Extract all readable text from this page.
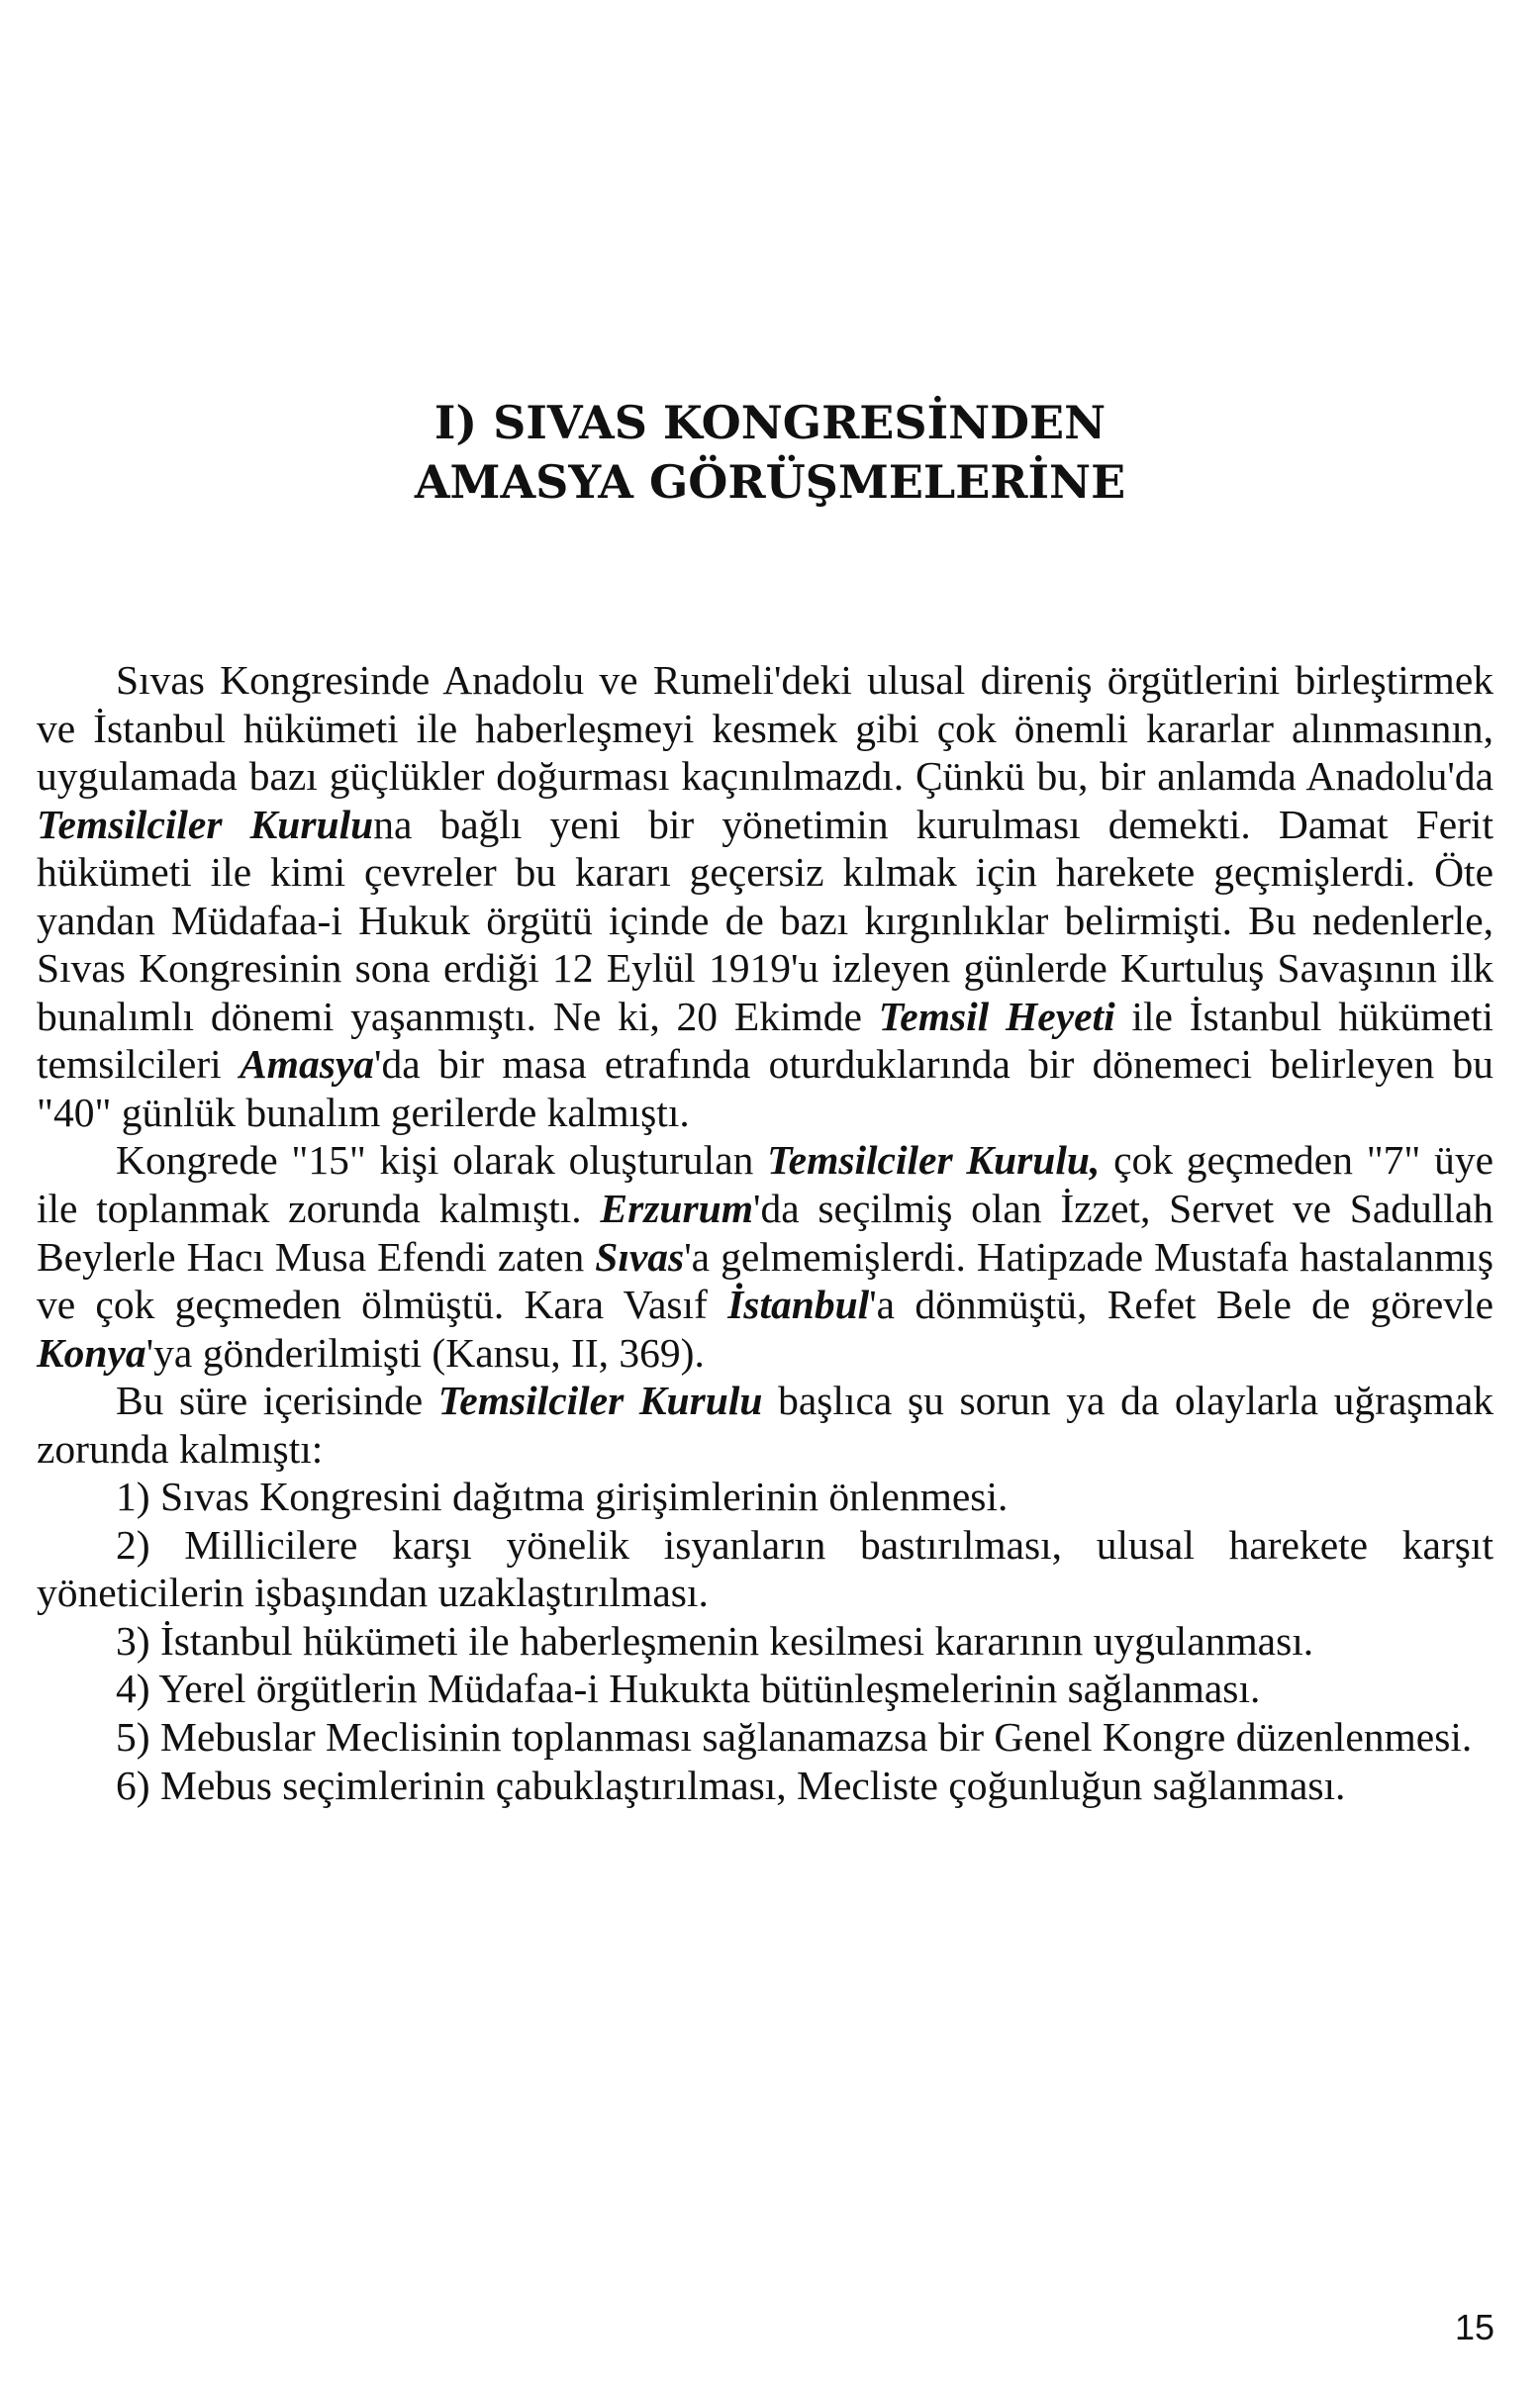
I) SIVAS KONGRESİNDEN
AMASYA GÖRÜŞMELERİNE

Sıvas Kongresinde Anadolu ve Rumeli'deki ulusal direniş örgütlerini birleştirmek ve İstanbul hükümeti ile haberleşmeyi kesmek gibi çok önemli kararlar alınmasının, uygulamada bazı güçlükler doğurması kaçınılmazdı. Çünkü bu, bir anlamda Anadolu'da Temsilciler Kuruluna bağlı yeni bir yönetimin kurulması demekti. Damat Ferit hükümeti ile kimi çevreler bu kararı geçersiz kılmak için harekete geçmişlerdi. Öte yandan Müdafaa-i Hukuk örgütü içinde de bazı kırgınlıklar belirmişti. Bu nedenlerle, Sıvas Kongresinin sona erdiği 12 Eylül 1919'u izleyen günlerde Kurtuluş Savaşının ilk bunalımlı dönemi yaşanmıştı. Ne ki, 20 Ekimde Temsil Heyeti ile İstanbul hükümeti temsilcileri Amasya'da bir masa etrafında oturduklarında bir dönemeci belirleyen bu "40" günlük bunalım gerilerde kalmıştı.

Kongrede "15" kişi olarak oluşturulan Temsilciler Kurulu, çok geçmeden "7" üye ile toplanmak zorunda kalmıştı. Erzurum'da seçilmiş olan İzzet, Servet ve Sadullah Beylerle Hacı Musa Efendi zaten Sıvas'a gelmemişlerdi. Hatipzade Mustafa hastalanmış ve çok geçmeden ölmüştü. Kara Vasıf İstanbul'a dönmüştü, Refet Bele de görevle Konya'ya gönderilmişti (Kansu, II, 369).

Bu süre içerisinde Temsilciler Kurulu başlıca şu sorun ya da olaylarla uğraşmak zorunda kalmıştı:

1) Sıvas Kongresini dağıtma girişimlerinin önlenmesi.

2) Millicilere karşı yönelik isyanların bastırılması, ulusal harekete karşıt yöneticilerin işbaşından uzaklaştırılması.

3) İstanbul hükümeti ile haberleşmenin kesilmesi kararının uygulanması.

4) Yerel örgütlerin Müdafaa-i Hukukta bütünleşmelerinin sağlanması.

5) Mebuslar Meclisinin toplanması sağlanamazsa bir Genel Kongre düzenlenmesi.

6) Mebus seçimlerinin çabuklaştırılması, Mecliste çoğunluğun sağlanması.

15
